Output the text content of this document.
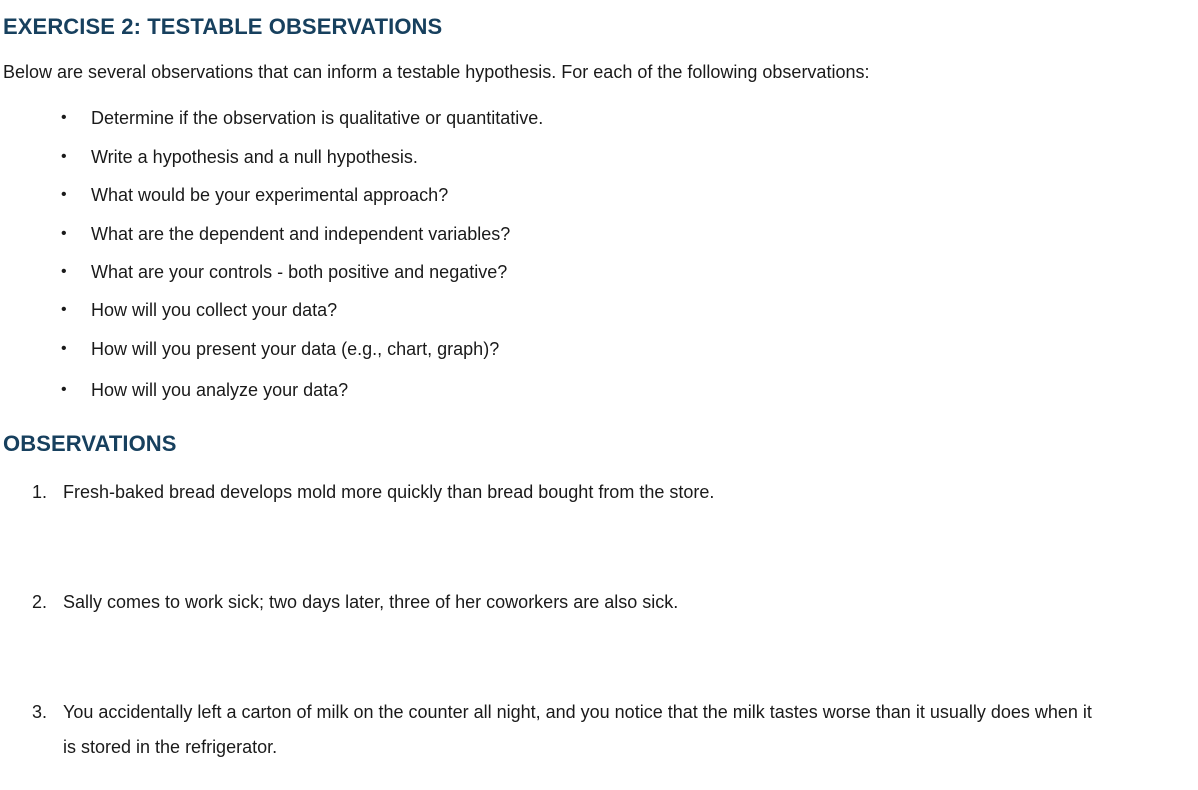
EXERCISE 2: TESTABLE OBSERVATIONS

Below are several observations that can inform a testable hypothesis. For each of the following observations:

• Determine if the observation is qualitative or quantitative.
• Write a hypothesis and a null hypothesis.
• What would be your experimental approach?
• What are the dependent and independent variables?
• What are your controls - both positive and negative?
• How will you collect your data?
• How will you present your data (e.g., chart, graph)?
• How will you analyze your data?
OBSERVATIONS
1. Fresh-baked bread develops mold more quickly than bread bought from the store.
2. Sally comes to work sick; two days later, three of her coworkers are also sick.
3. You accidentally left a carton of milk on the counter all night, and you notice that the milk tastes worse than it usually does when it is stored in the refrigerator.
